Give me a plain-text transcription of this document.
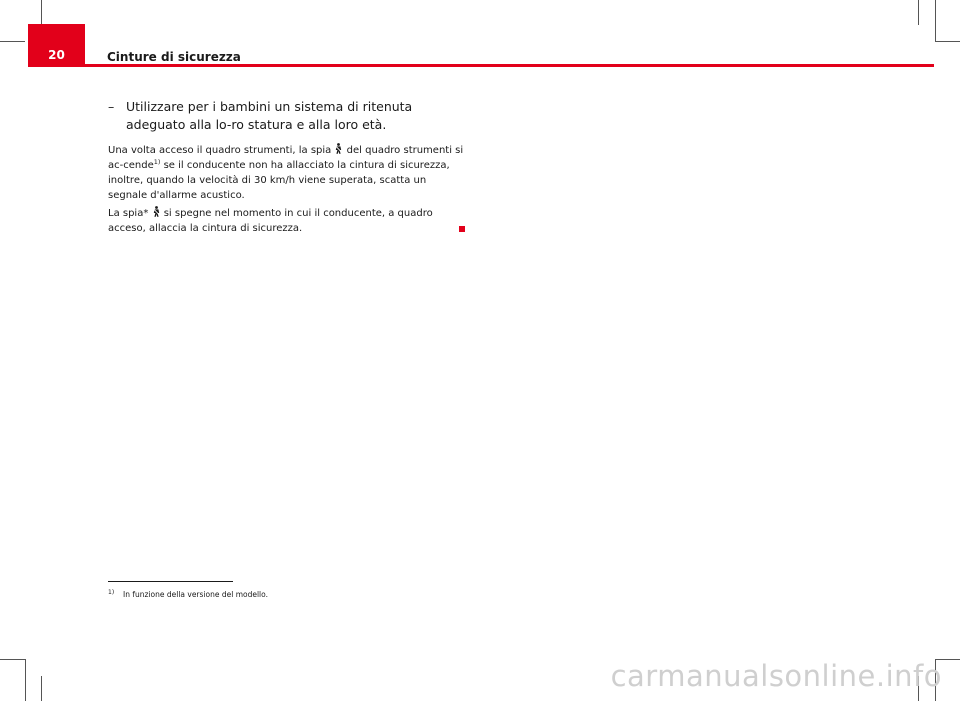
20	Cinture di sicurezza
– Utilizzare per i bambini un sistema di ritenuta adeguato alla lo-ro statura e alla loro età.
Una volta acceso il quadro strumenti, la spia del quadro strumenti si ac-cende$^{1)}$ se il conducente non ha allacciato la cintura di sicurezza, inoltre, quando la velocità di 30 km/h viene superata, scatta un segnale d'allarme acustico.
La spia* si spegne nel momento in cui il conducente, a quadro acceso, allaccia la cintura di sicurezza.
1) In funzione della versione del modello.
carmanualsonline.info
